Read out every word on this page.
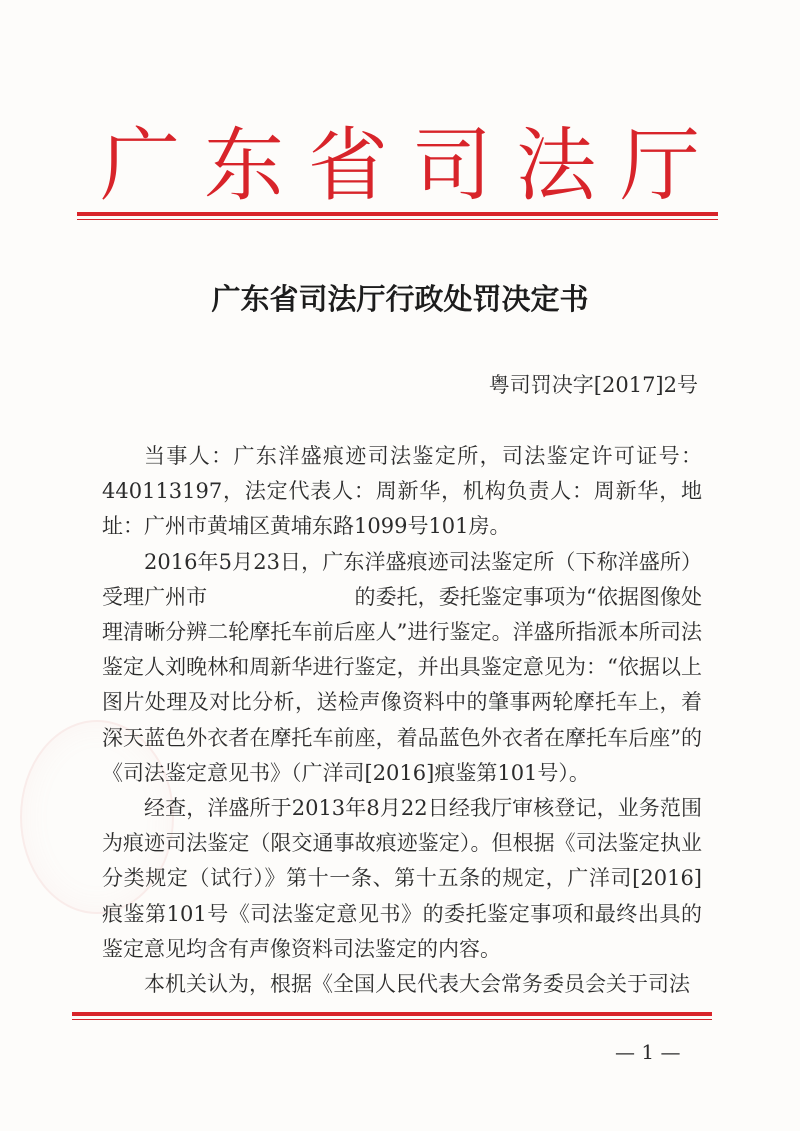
广东省司法厅
广东省司法厅行政处罚决定书
粤司罚决字[2017]2号

当事人：广东洋盛痕迹司法鉴定所，司法鉴定许可证号：440113197，法定代表人：周新华，机构负责人：周新华，地址：广州市黄埔区黄埔东路1099号101房。

2016年5月23日，广东洋盛痕迹司法鉴定所（下称洋盛所）受理广州市　　　　　　　的委托，委托鉴定事项为“依据图像处理清晰分辨二轮摩托车前后座人”进行鉴定。洋盛所指派本所司法鉴定人刘晚林和周新华进行鉴定，并出具鉴定意见为：“依据以上图片处理及对比分析，送检声像资料中的肇事两轮摩托车上，着深天蓝色外衣者在摩托车前座，着品蓝色外衣者在摩托车后座”的《司法鉴定意见书》（广洋司[2016]痕鉴第101号）。

经查，洋盛所于2013年8月22日经我厅审核登记，业务范围为痕迹司法鉴定（限交通事故痕迹鉴定）。但根据《司法鉴定执业分类规定（试行）》第十一条、第十五条的规定，广洋司[2016]痕鉴第101号《司法鉴定意见书》的委托鉴定事项和最终出具的鉴定意见均含有声像资料司法鉴定的内容。

本机关认为，根据《全国人民代表大会常务委员会关于司法

— 1 —
